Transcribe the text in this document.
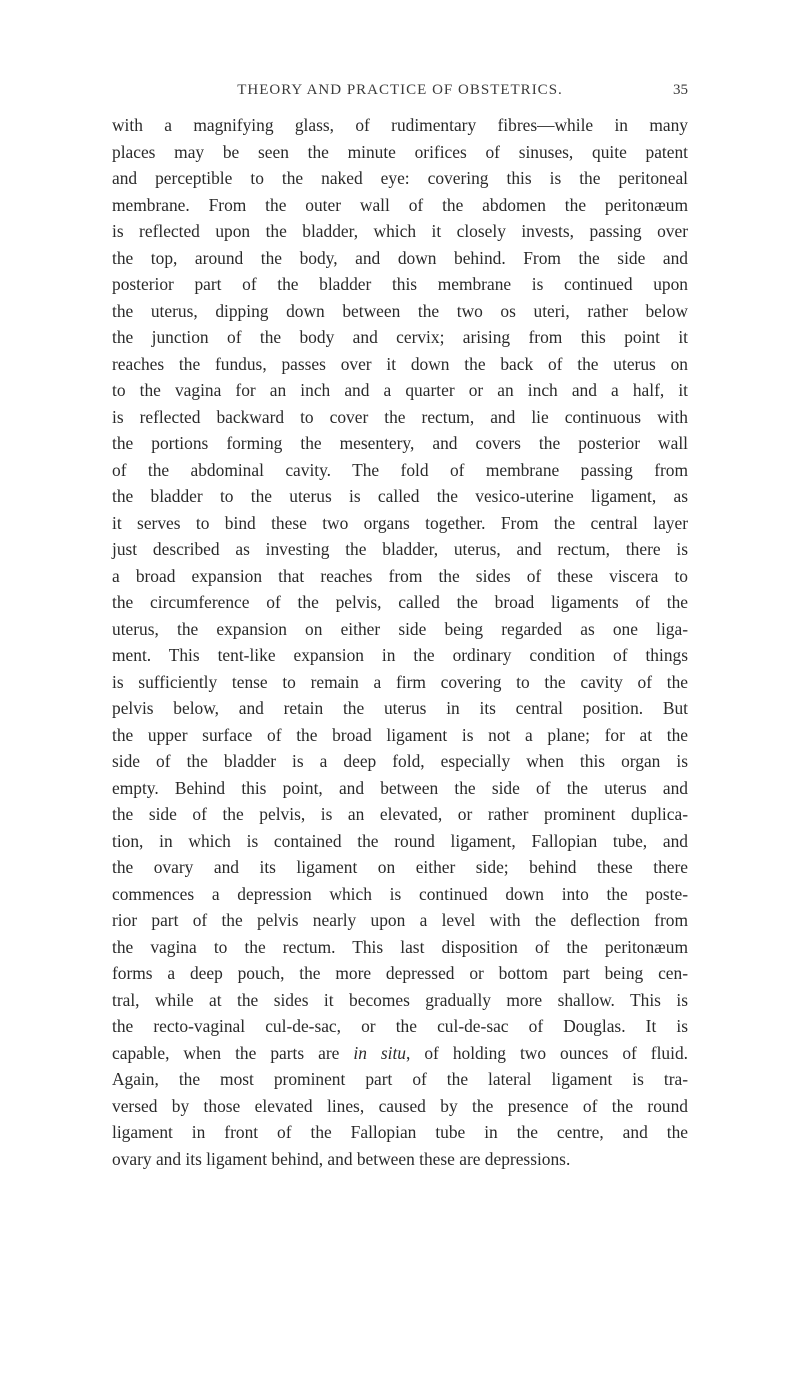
THEORY AND PRACTICE OF OBSTETRICS.	35
with a magnifying glass, of rudimentary fibres—while in many
places may be seen the minute orifices of sinuses, quite patent
and perceptible to the naked eye: covering this is the peritoneal
membrane. From the outer wall of the abdomen the peritonæum
is reflected upon the bladder, which it closely invests, passing over
the top, around the body, and down behind. From the side and
posterior part of the bladder this membrane is continued upon
the uterus, dipping down between the two os uteri, rather below
the junction of the body and cervix; arising from this point it
reaches the fundus, passes over it down the back of the uterus on
to the vagina for an inch and a quarter or an inch and a half, it
is reflected backward to cover the rectum, and lie continuous with
the portions forming the mesentery, and covers the posterior wall
of the abdominal cavity. The fold of membrane passing from
the bladder to the uterus is called the vesico-uterine ligament, as
it serves to bind these two organs together. From the central layer
just described as investing the bladder, uterus, and rectum, there is
a broad expansion that reaches from the sides of these viscera to
the circumference of the pelvis, called the broad ligaments of the
uterus, the expansion on either side being regarded as one liga-
ment. This tent-like expansion in the ordinary condition of things
is sufficiently tense to remain a firm covering to the cavity of the
pelvis below, and retain the uterus in its central position. But
the upper surface of the broad ligament is not a plane; for at the
side of the bladder is a deep fold, especially when this organ is
empty. Behind this point, and between the side of the uterus and
the side of the pelvis, is an elevated, or rather prominent duplica-
tion, in which is contained the round ligament, Fallopian tube, and
the ovary and its ligament on either side; behind these there
commences a depression which is continued down into the poste-
rior part of the pelvis nearly upon a level with the deflection from
the vagina to the rectum. This last disposition of the peritonæum
forms a deep pouch, the more depressed or bottom part being cen-
tral, while at the sides it becomes gradually more shallow. This is
the recto-vaginal cul-de-sac, or the cul-de-sac of Douglas. It is
capable, when the parts are in situ, of holding two ounces of fluid.
Again, the most prominent part of the lateral ligament is tra-
versed by those elevated lines, caused by the presence of the round
ligament in front of the Fallopian tube in the centre, and the
ovary and its ligament behind, and between these are depressions.
